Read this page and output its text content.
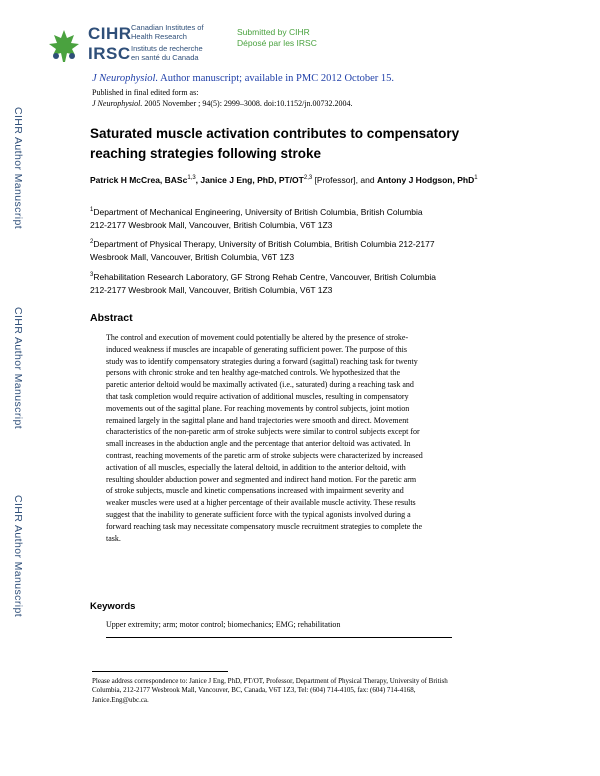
CIHR
IRSC
Canadian Institutes of
Health Research
Instituts de recherche
en santé du Canada
Submitted by CIHR
Déposé par les IRSC
J Neurophysiol. Author manuscript; available in PMC 2012 October 15.
Published in final edited form as:
J Neurophysiol. 2005 November ; 94(5): 2999–3008. doi:10.1152/jn.00732.2004.
CIHR Author Manuscript
CIHR Author Manuscript
CIHR Author Manuscript
Saturated muscle activation contributes to compensatory
reaching strategies following stroke
Patrick H McCrea, BASc$^{1,3}$, Janice J Eng, PhD, PT/OT$^{2,3}$ [Professor], and Antony J Hodgson, PhD$^1$
$^1$Department of Mechanical Engineering, University of British Columbia, British Columbia
212-2177 Wesbrook Mall, Vancouver, British Columbia, V6T 1Z3
$^2$Department of Physical Therapy, University of British Columbia, British Columbia 212-2177
Wesbrook Mall, Vancouver, British Columbia, V6T 1Z3
$^3$Rehabilitation Research Laboratory, GF Strong Rehab Centre, Vancouver, British Columbia
212-2177 Wesbrook Mall, Vancouver, British Columbia, V6T 1Z3
Abstract
The control and execution of movement could potentially be altered by the presence of stroke-
induced weakness if muscles are incapable of generating sufficient power. The purpose of this
study was to identify compensatory strategies during a forward (sagittal) reaching task for twenty
persons with chronic stroke and ten healthy age-matched controls. We hypothesized that the
paretic anterior deltoid would be maximally activated (i.e., saturated) during a reaching task and
that task completion would require activation of additional muscles, resulting in compensatory
movements out of the sagittal plane. For reaching movements by control subjects, joint motion
remained largely in the sagittal plane and hand trajectories were smooth and direct. Movement
characteristics of the non-paretic arm of stroke subjects were similar to control subjects except for
small increases in the abduction angle and the percentage that anterior deltoid was activated. In
contrast, reaching movements of the paretic arm of stroke subjects were characterized by increased
activation of all muscles, especially the lateral deltoid, in addition to the anterior deltoid, with
resulting shoulder abduction power and segmented and indirect hand motion. For the paretic arm
of stroke subjects, muscle and kinetic compensations increased with impairment severity and
weaker muscles were used at a higher percentage of their available muscle activity. These results
suggest that the inability to generate sufficient force with the typical agonists involved during a
forward reaching task may necessitate compensatory muscle recruitment strategies to complete the
task.
Keywords
Upper extremity; arm; motor control; biomechanics; EMG; rehabilitation
Please address correspondence to: Janice J Eng, PhD, PT/OT, Professor, Department of Physical Therapy, University of British
Columbia, 212-2177 Wesbrook Mall, Vancouver, BC, Canada, V6T 1Z3, Tel: (604) 714-4105, fax: (604) 714-4168,
Janice.Eng@ubc.ca.
